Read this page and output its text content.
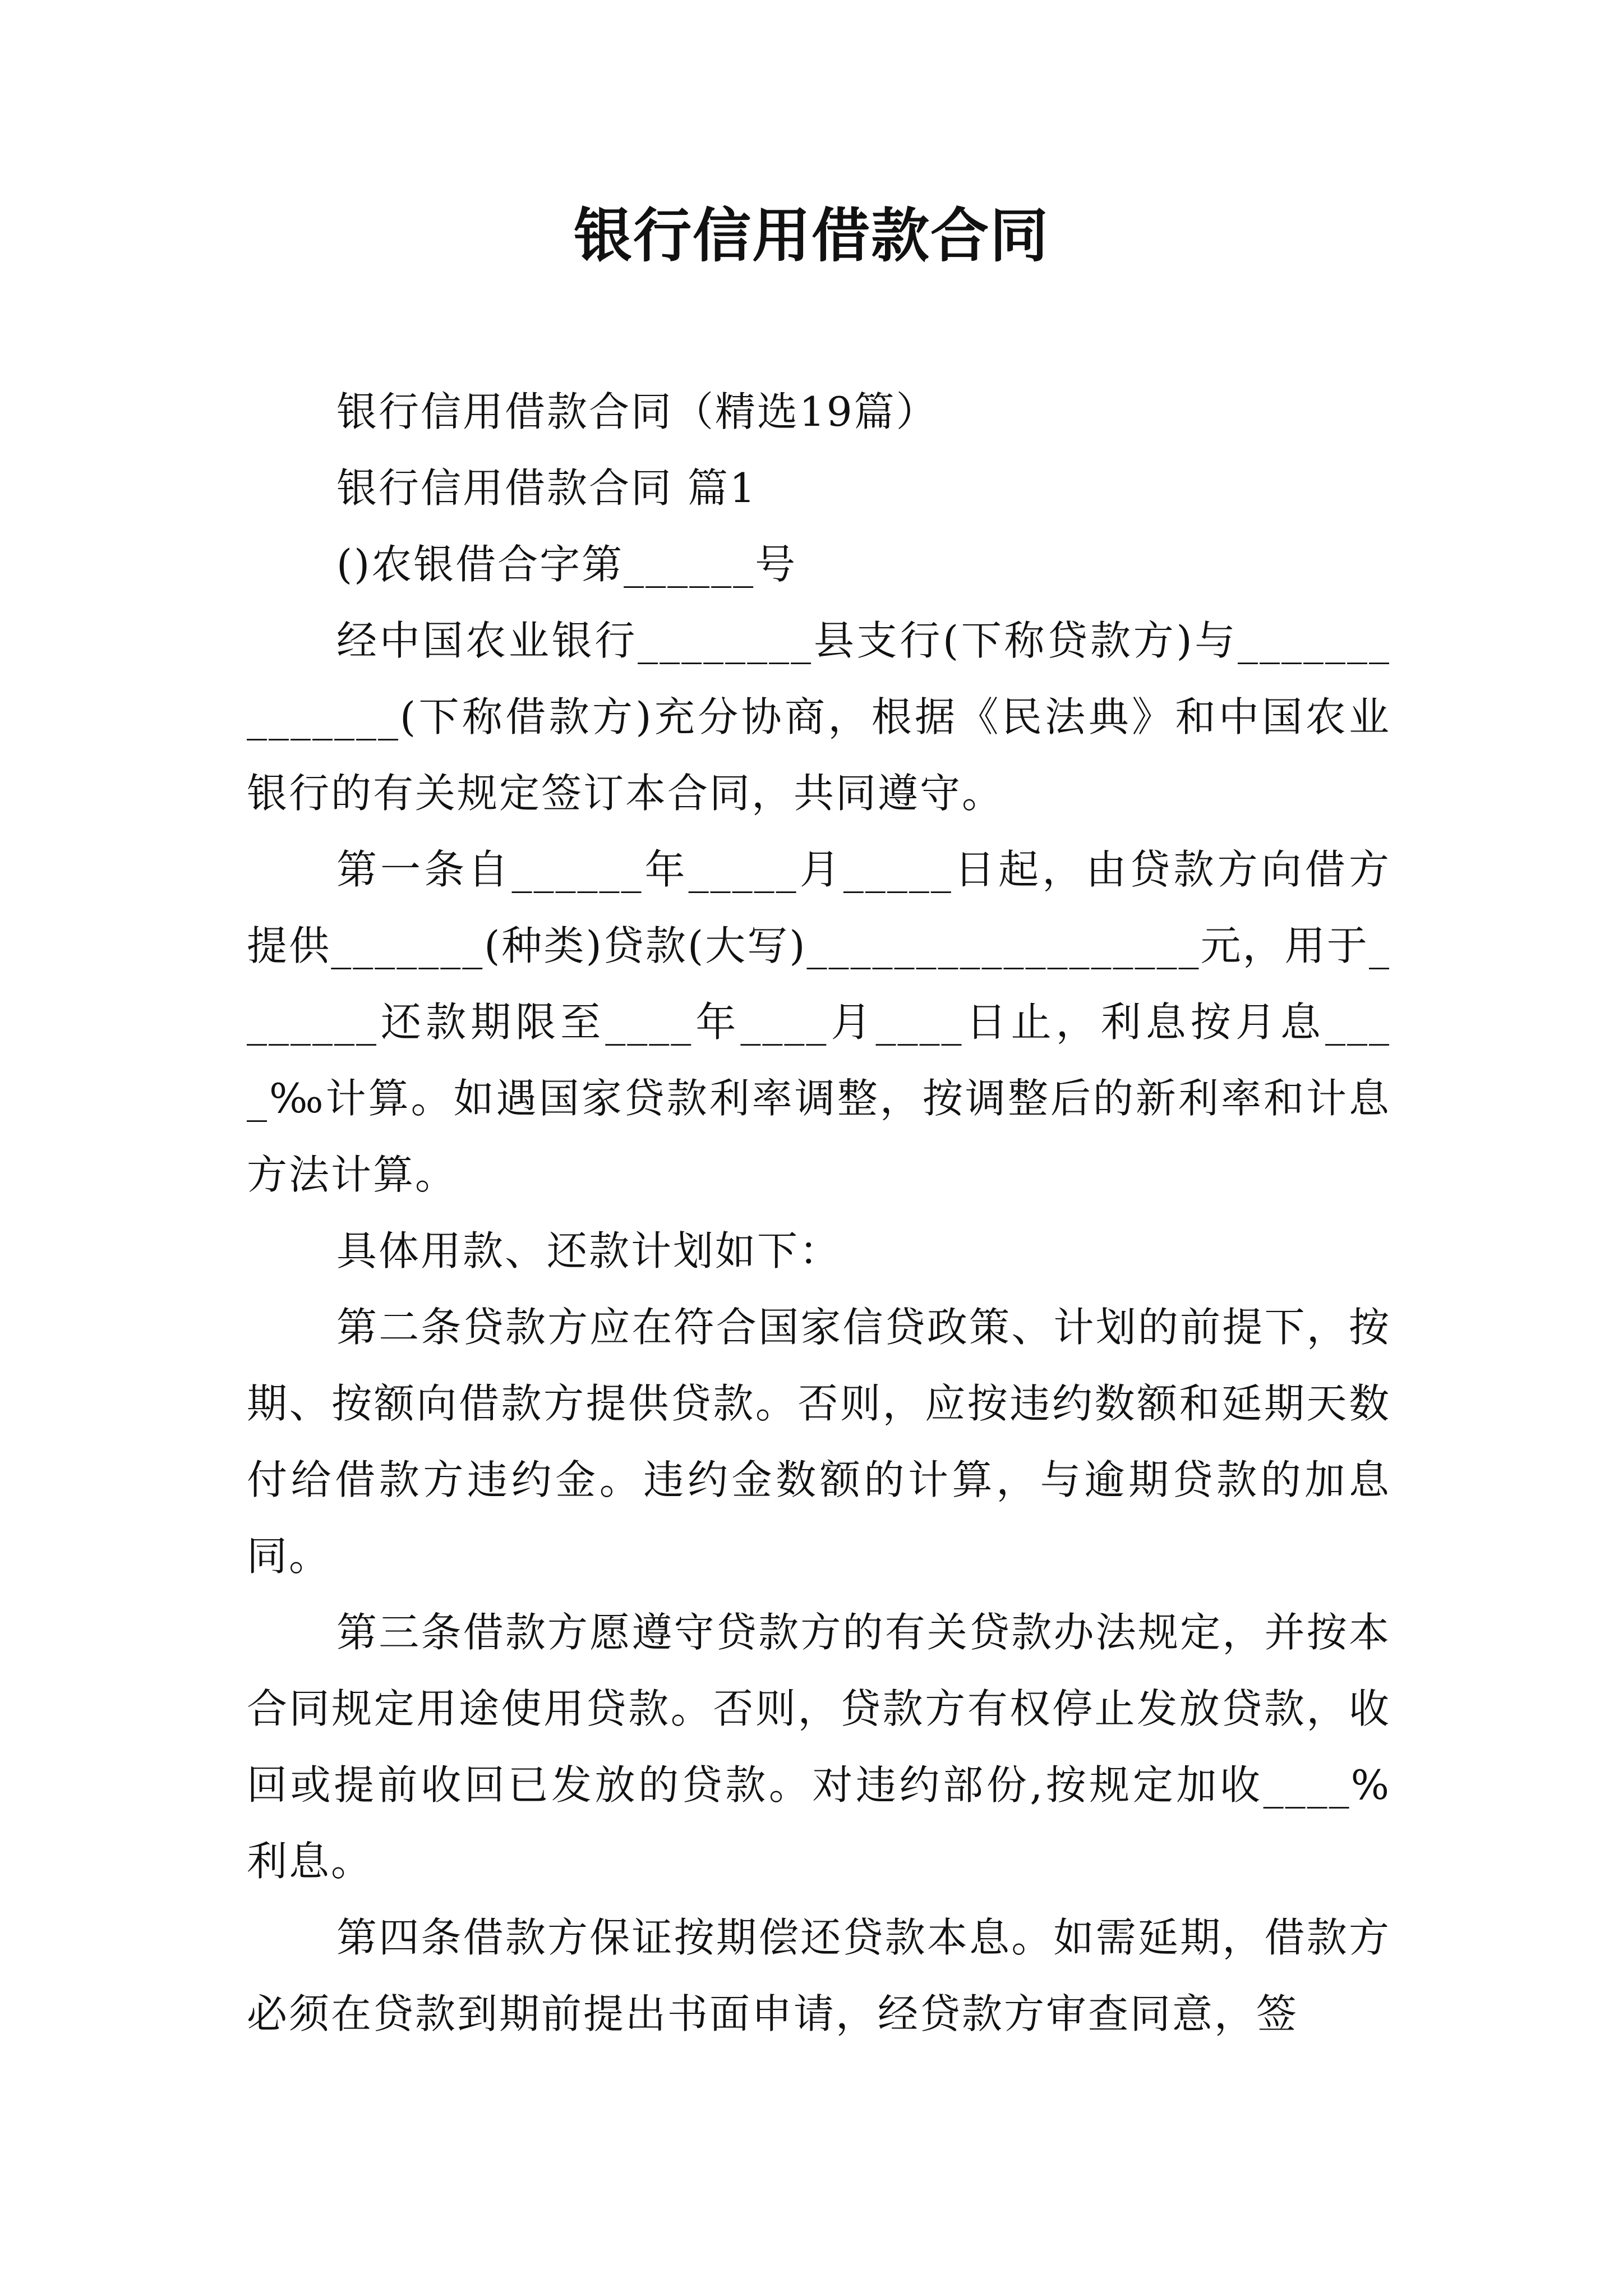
银行信用借款合同

银行信用借款合同（精选19篇）

银行信用借款合同 篇1

()农银借合字第______号

经中国农业银行________县支行(下称贷款方)与______________(下称借款方)充分协商，根据《民法典》和中国农业银行的有关规定签订本合同，共同遵守。

第一条自______年_____月_____日起，由贷款方向借方提供_______(种类)贷款(大写)__________________元，用于_______还款期限至____年____月____日止，利息按月息____‰计算。如遇国家贷款利率调整，按调整后的新利率和计息方法计算。

具体用款、还款计划如下：

第二条贷款方应在符合国家信贷政策、计划的前提下，按期、按额向借款方提供贷款。否则，应按违约数额和延期天数付给借款方违约金。违约金数额的计算，与逾期贷款的加息同。

第三条借款方愿遵守贷款方的有关贷款办法规定，并按本合同规定用途使用贷款。否则，贷款方有权停止发放贷款，收回或提前收回已发放的贷款。对违约部份,按规定加收____%利息。

第四条借款方保证按期偿还贷款本息。如需延期，借款方必须在贷款到期前提出书面申请，经贷款方审查同意，签
